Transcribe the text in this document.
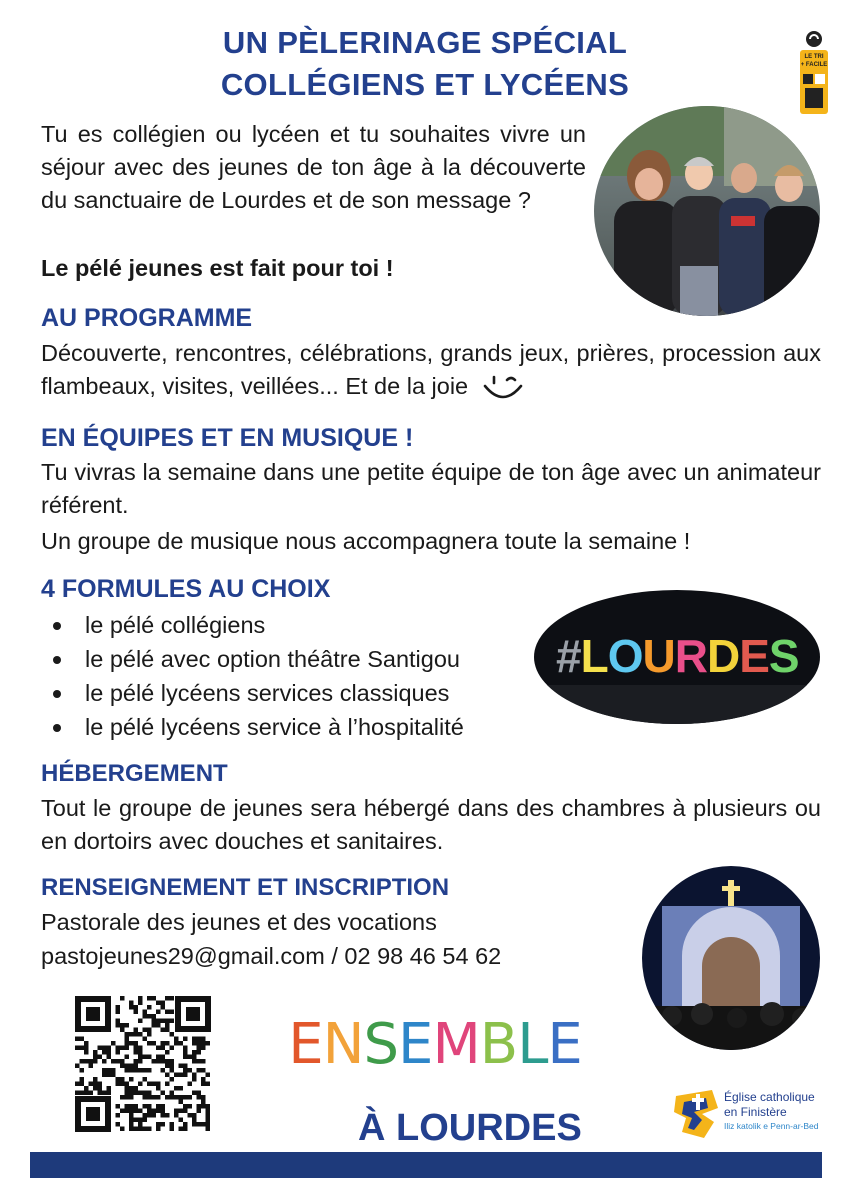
UN PÈLERINAGE SPÉCIAL
COLLÉGIENS ET LYCÉENS
LE TRI
+ FACILE
Tu es collégien ou lycéen et tu souhaites vivre un séjour avec des jeunes de ton âge à la découverte du sanctuaire de Lourdes et de son message ?
Le pélé jeunes est fait pour toi !
AU PROGRAMME
Découverte, rencontres, célébrations, grands jeux, prières, procession aux flambeaux, visites, veillées... Et de la joie
EN ÉQUIPES ET EN MUSIQUE !
Tu vivras la semaine dans une petite équipe de ton âge avec un animateur référent.
Un groupe de musique nous accompagnera toute la semaine !
4 FORMULES AU CHOIX
le pélé collégiens
le pélé avec option théâtre Santigou
le pélé lycéens services classiques
le pélé lycéens service à l’hospitalité
#LOURDES
HÉBERGEMENT
Tout le groupe de jeunes sera hébergé dans des chambres à plusieurs ou en dortoirs avec douches et sanitaires.
RENSEIGNEMENT ET INSCRIPTION
Pastorale des jeunes et des vocations
pastojeunes29@gmail.com / 02 98 46 54 62
ENSEMBLE
À LOURDES
Église catholique
en Finistère
Iliz katolik e Penn-ar-Bed
